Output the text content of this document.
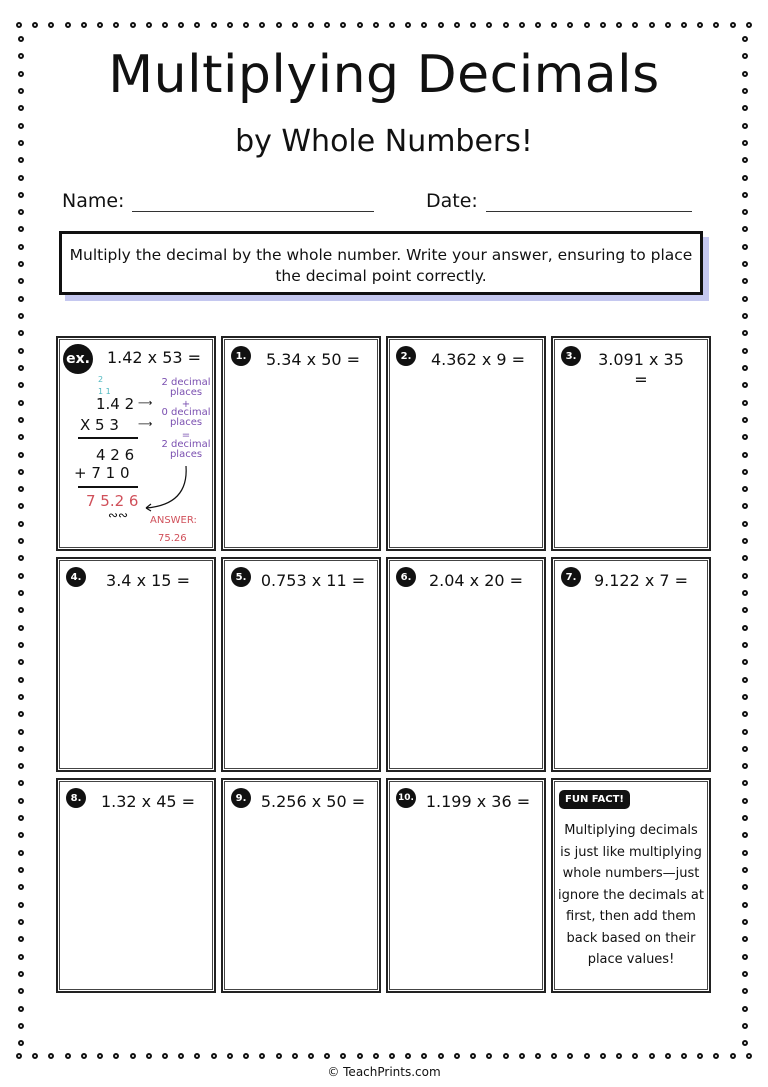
Multiplying Decimals
by Whole Numbers!
Name:	Date:
Multiply the decimal by the whole number. Write your answer, ensuring to place the decimal point correctly.
ex.	1.42 x 53 =
2
1 1
1.4 2
X 5 3
4 2 6
+ 7 1 0
7 5.2 6
∾∾
⟶
⟶
2 decimal places
+
0 decimal places
=
2 decimal places
ANSWER:
75.26
1.	5.34 x 50 =	2.	4.362 x 9 =	3.	3.091 x 35 =
4.	3.4 x 15 =	5. 0.753 x 11 =	6. 2.04 x 20 =	7. 9.122 x 7 =
8.	1.32 x 45 =	9. 5.256 x 50 =	10. 1.199 x 36 =	FUN FACT!
Multiplying decimals is just like multiplying whole numbers—just ignore the decimals at first, then add them back based on their place values!
© TeachPrints.com
